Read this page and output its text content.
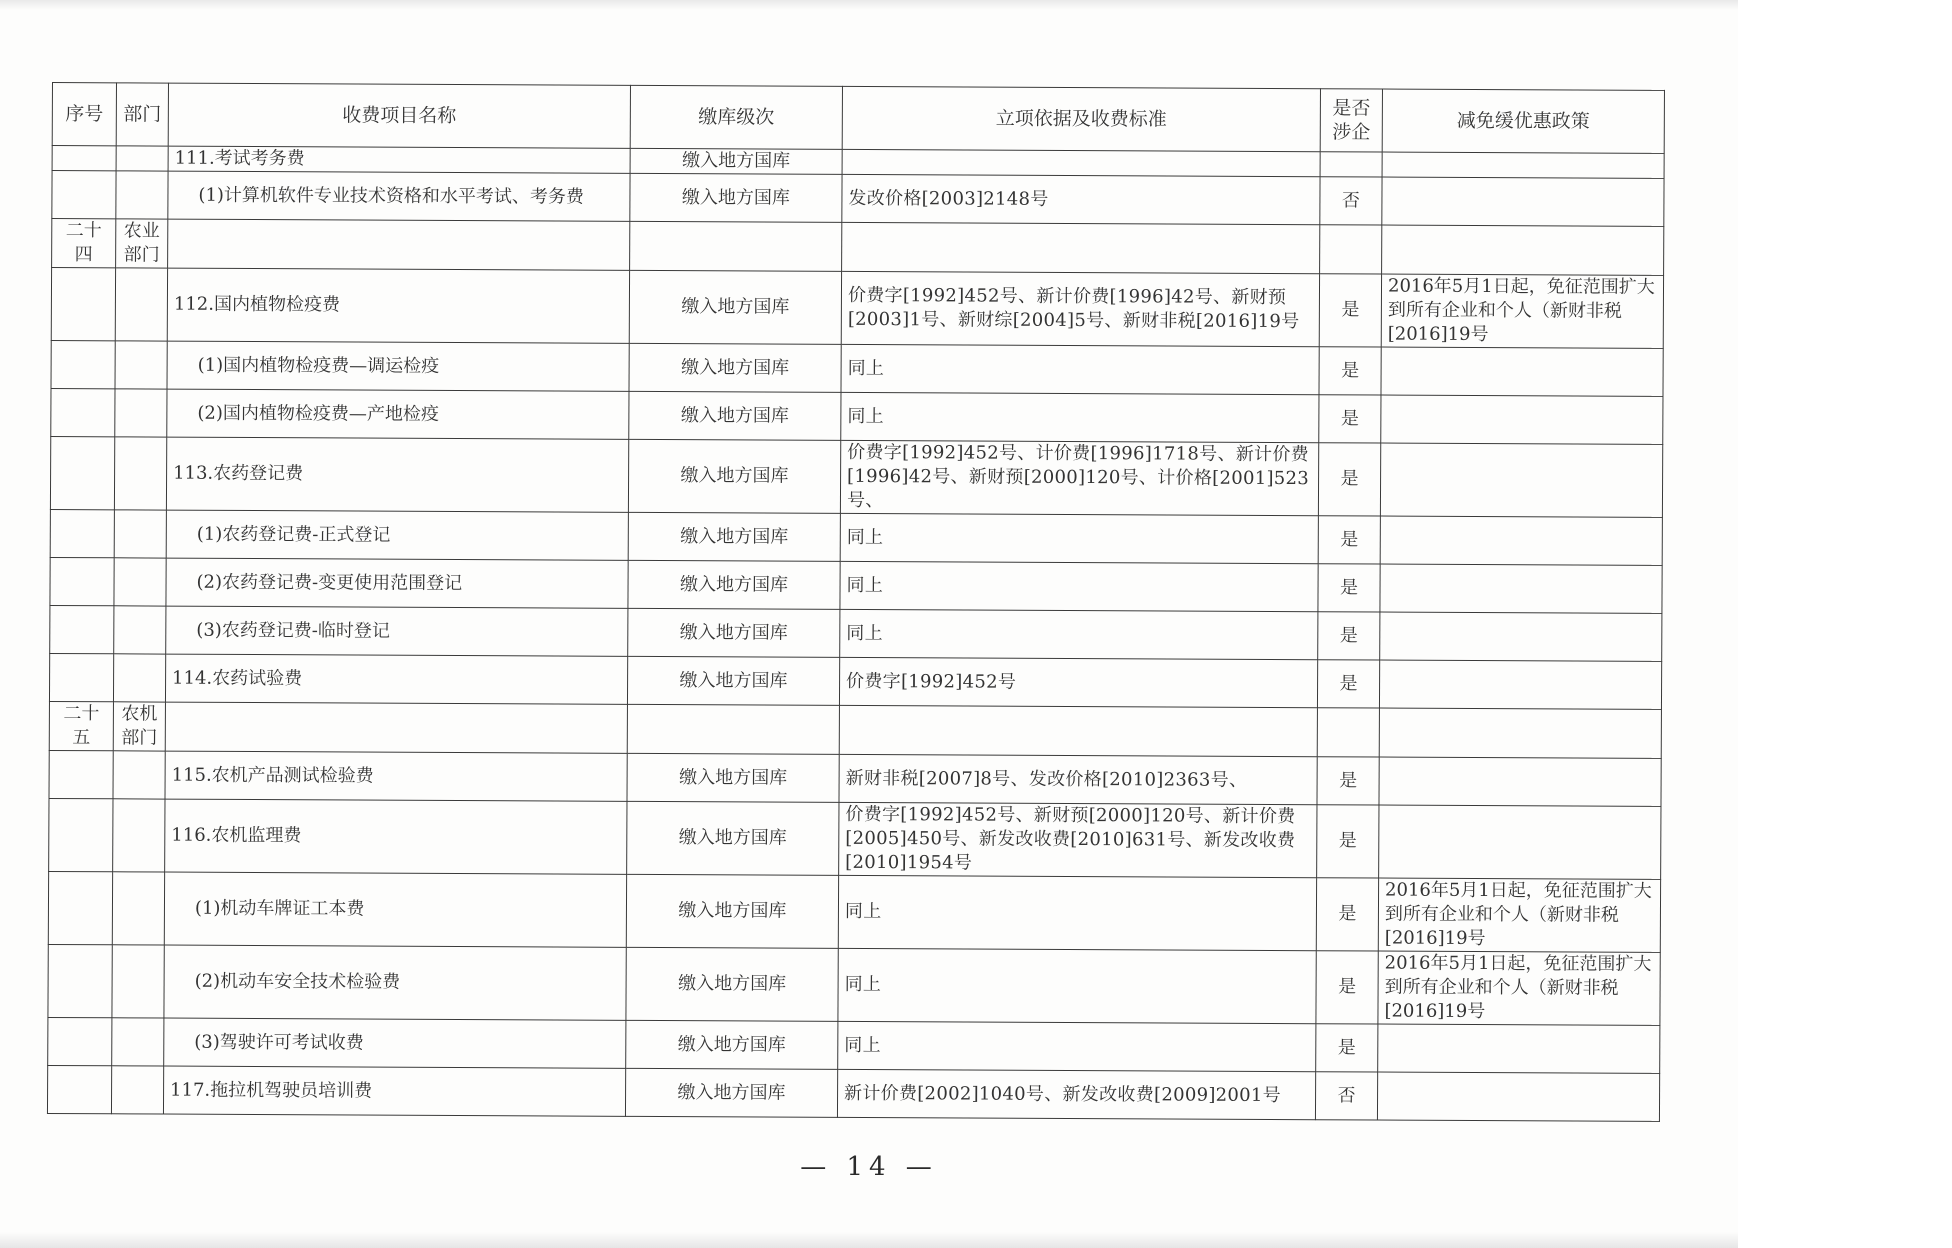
序号	部门	收费项目名称	缴库级次	立项依据及收费标准	是否涉企	减免缓优惠政策
		111.考试考务费	缴入地方国库			
		(1)计算机软件专业技术资格和水平考试、考务费	缴入地方国库	发改价格[2003]2148号	否	
二十四	农业部门					
		112.国内植物检疫费	缴入地方国库	价费字[1992]452号、新计价费[1996]42号、新财预[2003]1号、新财综[2004]5号、新财非税[2016]19号	是	2016年5月1日起，免征范围扩大到所有企业和个人（新财非税[2016]19号
		(1)国内植物检疫费—调运检疫	缴入地方国库	同上	是	
		(2)国内植物检疫费—产地检疫	缴入地方国库	同上	是	
		113.农药登记费	缴入地方国库	价费字[1992]452号、计价费[1996]1718号、新计价费[1996]42号、新财预[2000]120号、计价格[2001]523号、	是	
		(1)农药登记费-正式登记	缴入地方国库	同上	是	
		(2)农药登记费-变更使用范围登记	缴入地方国库	同上	是	
		(3)农药登记费-临时登记	缴入地方国库	同上	是	
		114.农药试验费	缴入地方国库	价费字[1992]452号	是	
二十五	农机部门					
		115.农机产品测试检验费	缴入地方国库	新财非税[2007]8号、发改价格[2010]2363号、	是	
		116.农机监理费	缴入地方国库	价费字[1992]452号、新财预[2000]120号、新计价费[2005]450号、新发改收费[2010]631号、新发改收费[2010]1954号	是	
		(1)机动车牌证工本费	缴入地方国库	同上	是	2016年5月1日起，免征范围扩大到所有企业和个人（新财非税[2016]19号
		(2)机动车安全技术检验费	缴入地方国库	同上	是	2016年5月1日起，免征范围扩大到所有企业和个人（新财非税[2016]19号
		(3)驾驶许可考试收费	缴入地方国库	同上	是	
		117.拖拉机驾驶员培训费	缴入地方国库	新计价费[2002]1040号、新发改收费[2009]2001号	否	
— 14 —
